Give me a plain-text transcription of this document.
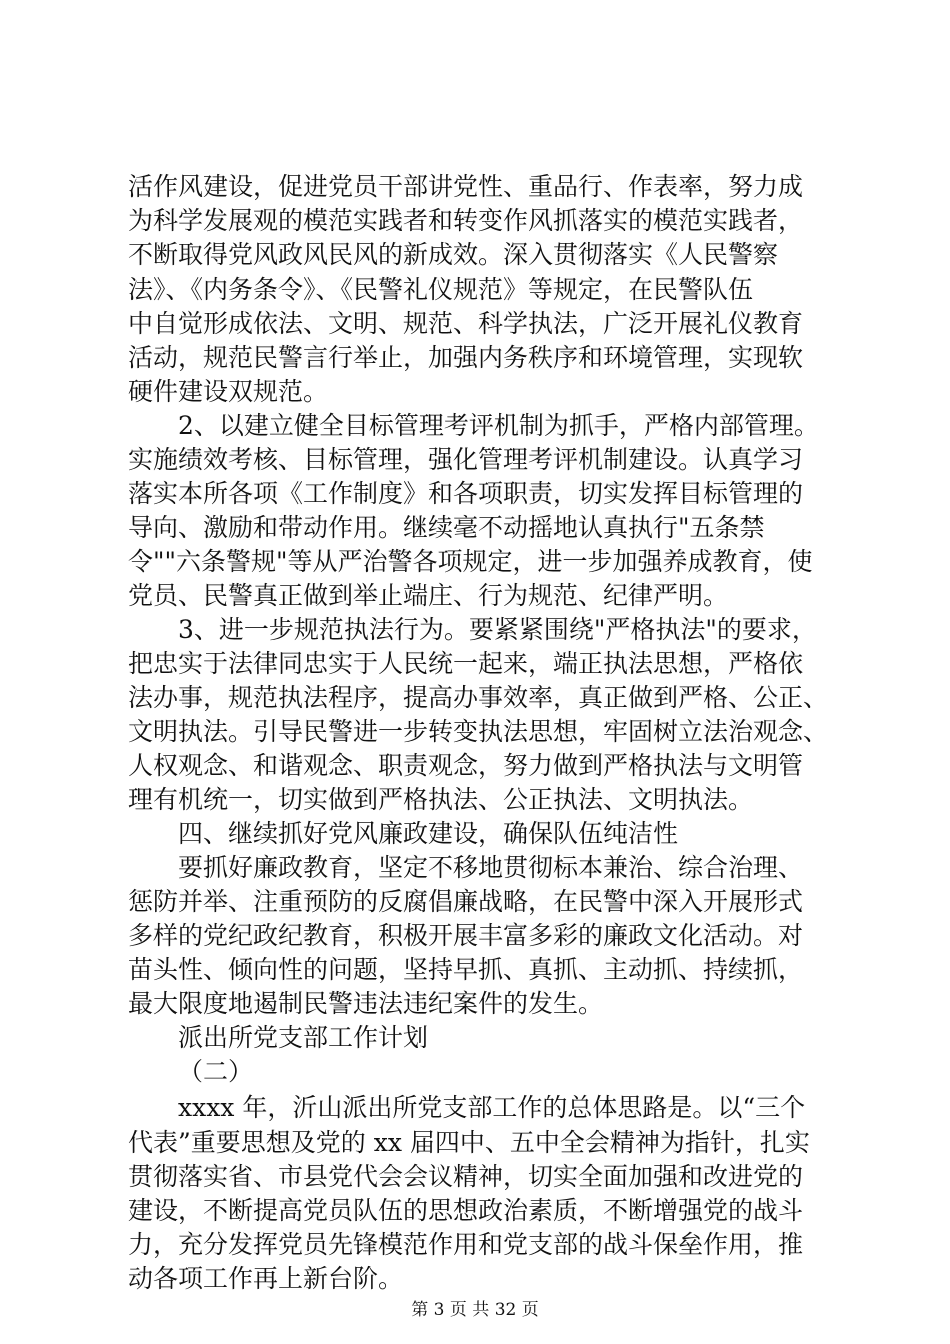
活作风建设，促进党员干部讲党性、重品行、作表率，努力成
为科学发展观的模范实践者和转变作风抓落实的模范实践者，
不断取得党风政风民风的新成效。深入贯彻落实《人民警察
法》、《内务条令》、《民警礼仪规范》等规定，在民警队伍
中自觉形成依法、文明、规范、科学执法，广泛开展礼仪教育
活动，规范民警言行举止，加强内务秩序和环境管理，实现软
硬件建设双规范。
2、以建立健全目标管理考评机制为抓手，严格内部管理。
实施绩效考核、目标管理，强化管理考评机制建设。认真学习
落实本所各项《工作制度》和各项职责，切实发挥目标管理的
导向、激励和带动作用。继续毫不动摇地认真执行"五条禁
令""六条警规"等从严治警各项规定，进一步加强养成教育，使
党员、民警真正做到举止端庄、行为规范、纪律严明。
3、进一步规范执法行为。要紧紧围绕"严格执法"的要求，
把忠实于法律同忠实于人民统一起来，端正执法思想，严格依
法办事，规范执法程序，提高办事效率，真正做到严格、公正、
文明执法。引导民警进一步转变执法思想，牢固树立法治观念、
人权观念、和谐观念、职责观念，努力做到严格执法与文明管
理有机统一，切实做到严格执法、公正执法、文明执法。
四、继续抓好党风廉政建设，确保队伍纯洁性
要抓好廉政教育，坚定不移地贯彻标本兼治、综合治理、
惩防并举、注重预防的反腐倡廉战略，在民警中深入开展形式
多样的党纪政纪教育，积极开展丰富多彩的廉政文化活动。对
苗头性、倾向性的问题，坚持早抓、真抓、主动抓、持续抓，
最大限度地遏制民警违法违纪案件的发生。
派出所党支部工作计划
（二）
xxxx 年，沂山派出所党支部工作的总体思路是。以“三个
代表”重要思想及党的 xx 届四中、五中全会精神为指针，扎实
贯彻落实省、市县党代会会议精神，切实全面加强和改进党的
建设，不断提高党员队伍的思想政治素质，不断增强党的战斗
力，充分发挥党员先锋模范作用和党支部的战斗保垒作用，推
动各项工作再上新台阶。
第 3 页 共 32 页
